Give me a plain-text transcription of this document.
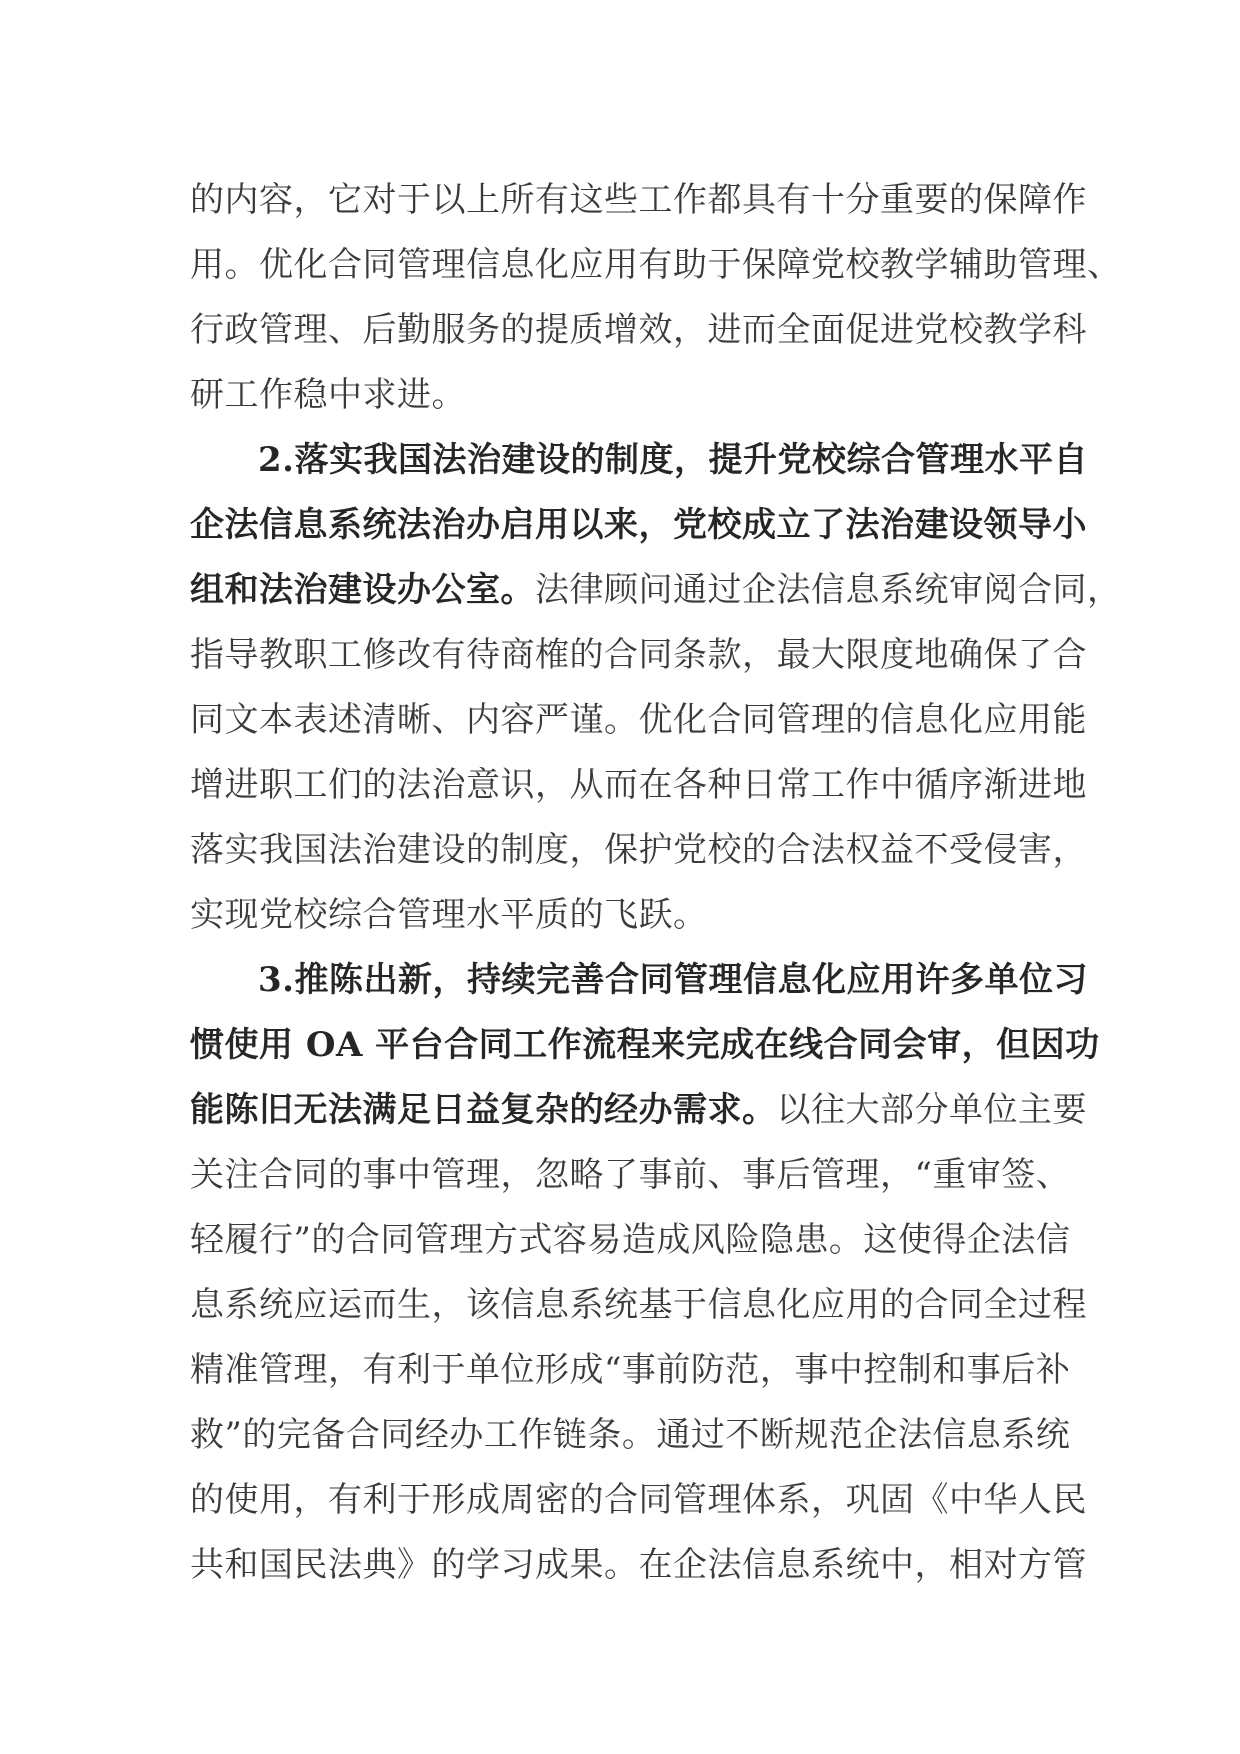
的内容，它对于以上所有这些工作都具有十分重要的保障作
用。优化合同管理信息化应用有助于保障党校教学辅助管理、
行政管理、后勤服务的提质增效，进而全面促进党校教学科
研工作稳中求进。
2.落实我国法治建设的制度，提升党校综合管理水平自
企法信息系统法治办启用以来，党校成立了法治建设领导小
组和法治建设办公室。法律顾问通过企法信息系统审阅合同，
指导教职工修改有待商榷的合同条款，最大限度地确保了合
同文本表述清晰、内容严谨。优化合同管理的信息化应用能
增进职工们的法治意识，从而在各种日常工作中循序渐进地
落实我国法治建设的制度，保护党校的合法权益不受侵害，
实现党校综合管理水平质的飞跃。
3.推陈出新，持续完善合同管理信息化应用许多单位习
惯使用 OA 平台合同工作流程来完成在线合同会审，但因功
能陈旧无法满足日益复杂的经办需求。以往大部分单位主要
关注合同的事中管理，忽略了事前、事后管理，“重审签、
轻履行”的合同管理方式容易造成风险隐患。这使得企法信
息系统应运而生，该信息系统基于信息化应用的合同全过程
精准管理，有利于单位形成“事前防范，事中控制和事后补
救”的完备合同经办工作链条。通过不断规范企法信息系统
的使用，有利于形成周密的合同管理体系，巩固《中华人民
共和国民法典》的学习成果。在企法信息系统中，相对方管
